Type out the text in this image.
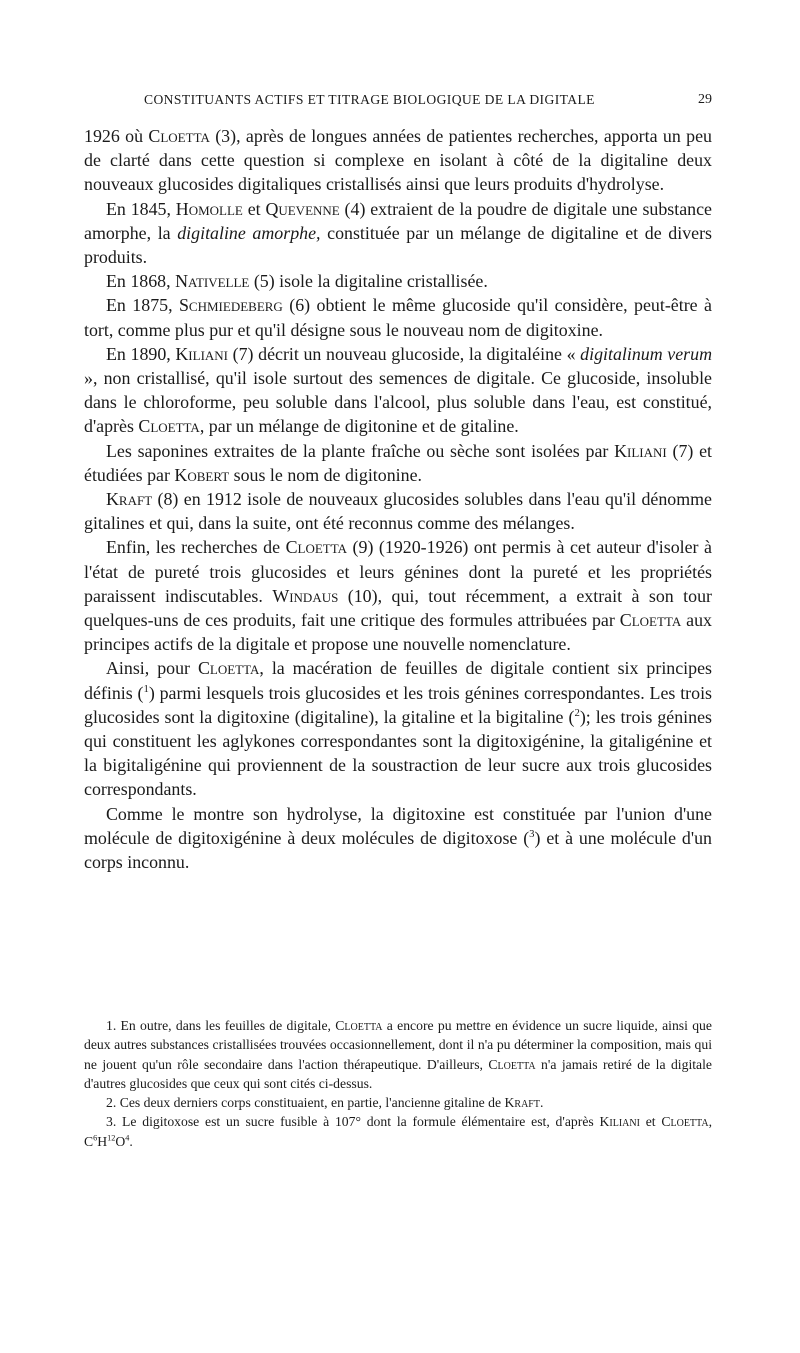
CONSTITUANTS ACTIFS ET TITRAGE BIOLOGIQUE DE LA DIGITALE	29

1926 où Cloetta (3), après de longues années de patientes recherches, apporta un peu de clarté dans cette question si complexe en isolant à côté de la digitaline deux nouveaux glucosides digitaliques cristallisés ainsi que leurs produits d'hydrolyse.

En 1845, Homolle et Quevenne (4) extraient de la poudre de digitale une substance amorphe, la digitaline amorphe, constituée par un mélange de digitaline et de divers produits.

En 1868, Nativelle (5) isole la digitaline cristallisée.

En 1875, Schmiedeberg (6) obtient le même glucoside qu'il considère, peut-être à tort, comme plus pur et qu'il désigne sous le nouveau nom de digitoxine.

En 1890, Kiliani (7) décrit un nouveau glucoside, la digitaléine « digitalinum verum », non cristallisé, qu'il isole surtout des semences de digitale. Ce glucoside, insoluble dans le chloroforme, peu soluble dans l'alcool, plus soluble dans l'eau, est constitué, d'après Cloetta, par un mélange de digitonine et de gitaline.

Les saponines extraites de la plante fraîche ou sèche sont isolées par Kiliani (7) et étudiées par Kobert sous le nom de digitonine.

Kraft (8) en 1912 isole de nouveaux glucosides solubles dans l'eau qu'il dénomme gitalines et qui, dans la suite, ont été reconnus comme des mélanges.

Enfin, les recherches de Cloetta (9) (1920-1926) ont permis à cet auteur d'isoler à l'état de pureté trois glucosides et leurs génines dont la pureté et les propriétés paraissent indiscutables. Windaus (10), qui, tout récemment, a extrait à son tour quelques-uns de ces produits, fait une critique des formules attribuées par Cloetta aux principes actifs de la digitale et propose une nouvelle nomenclature.

Ainsi, pour Cloetta, la macération de feuilles de digitale contient six principes définis ($^1$) parmi lesquels trois glucosides et les trois génines correspondantes. Les trois glucosides sont la digitoxine (digitaline), la gitaline et la bigitaline ($^2$); les trois génines qui constituent les aglykones correspondantes sont la digitoxigénine, la gitaligénine et la bigitaligénine qui proviennent de la soustraction de leur sucre aux trois glucosides correspondants.

Comme le montre son hydrolyse, la digitoxine est constituée par l'union d'une molécule de digitoxigénine à deux molécules de digitoxose ($^3$) et à une molécule d'un corps inconnu.

1. En outre, dans les feuilles de digitale, Cloetta a encore pu mettre en évidence un sucre liquide, ainsi que deux autres substances cristallisées trouvées occasionnellement, dont il n'a pu déterminer la composition, mais qui ne jouent qu'un rôle secondaire dans l'action thérapeutique. D'ailleurs, Cloetta n'a jamais retiré de la digitale d'autres glucosides que ceux qui sont cités ci-dessus.

2. Ces deux derniers corps constituaient, en partie, l'ancienne gitaline de Kraft.

3. Le digitoxose est un sucre fusible à 107° dont la formule élémentaire est, d'après Kiliani et Cloetta, $C^6H^{12}O^4$.
